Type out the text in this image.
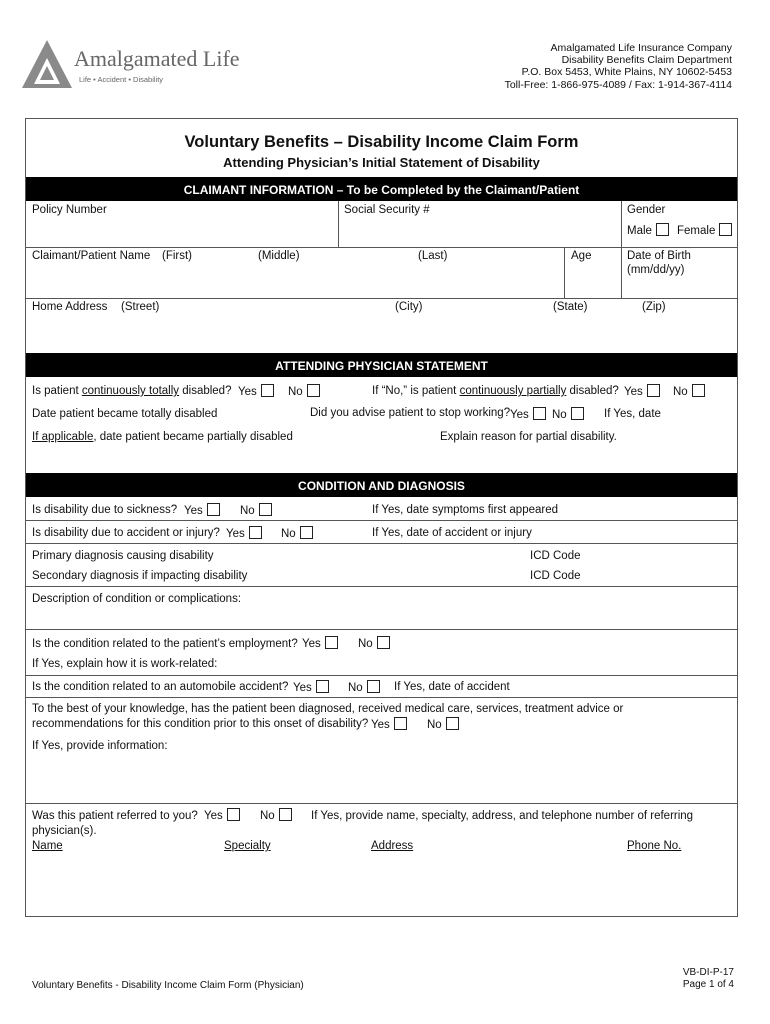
Amalgamated Life
Life • Accident • Disability
Amalgamated Life Insurance Company
Disability Benefits Claim Department
P.O. Box 5453, White Plains, NY 10602-5453
Toll-Free: 1-866-975-4089 / Fax: 1-914-367-4114
Voluntary Benefits – Disability Income Claim Form
Attending Physician’s Initial Statement of Disability
CLAIMANT INFORMATION – To be Completed by the Claimant/Patient
Policy Number	Social Security #	Gender
Male	Female
Claimant/Patient Name (First)	(Middle)	(Last)	Age	Date of Birth
(mm/dd/yy)
Home Address (Street)	(City)	(State)	(Zip)
ATTENDING PHYSICIAN STATEMENT
Is patient continuously totally disabled? Yes	No	If “No,” is patient continuously partially disabled? Yes	No
Date patient became totally disabled	Did you advise patient to stop working? Yes	No	If Yes, date
If applicable, date patient became partially disabled	Explain reason for partial disability.
CONDITION AND DIAGNOSIS
Is disability due to sickness? Yes	No	If Yes, date symptoms first appeared
Is disability due to accident or injury? Yes	No	If Yes, date of accident or injury
Primary diagnosis causing disability	ICD Code
Secondary diagnosis if impacting disability	ICD Code
Description of condition or complications:
Is the condition related to the patient’s employment? Yes	No
If Yes, explain how it is work-related:
Is the condition related to an automobile accident? Yes	No	If Yes, date of accident
To the best of your knowledge, has the patient been diagnosed, received medical care, services, treatment advice or
recommendations for this condition prior to this onset of disability? Yes	No
If Yes, provide information:
Was this patient referred to you? Yes	No	If Yes, provide name, specialty, address, and telephone number of referring
physician(s).
Name	Specialty	Address	Phone No.
Voluntary Benefits - Disability Income Claim Form (Physician)
VB-DI-P-17
Page 1 of 4
